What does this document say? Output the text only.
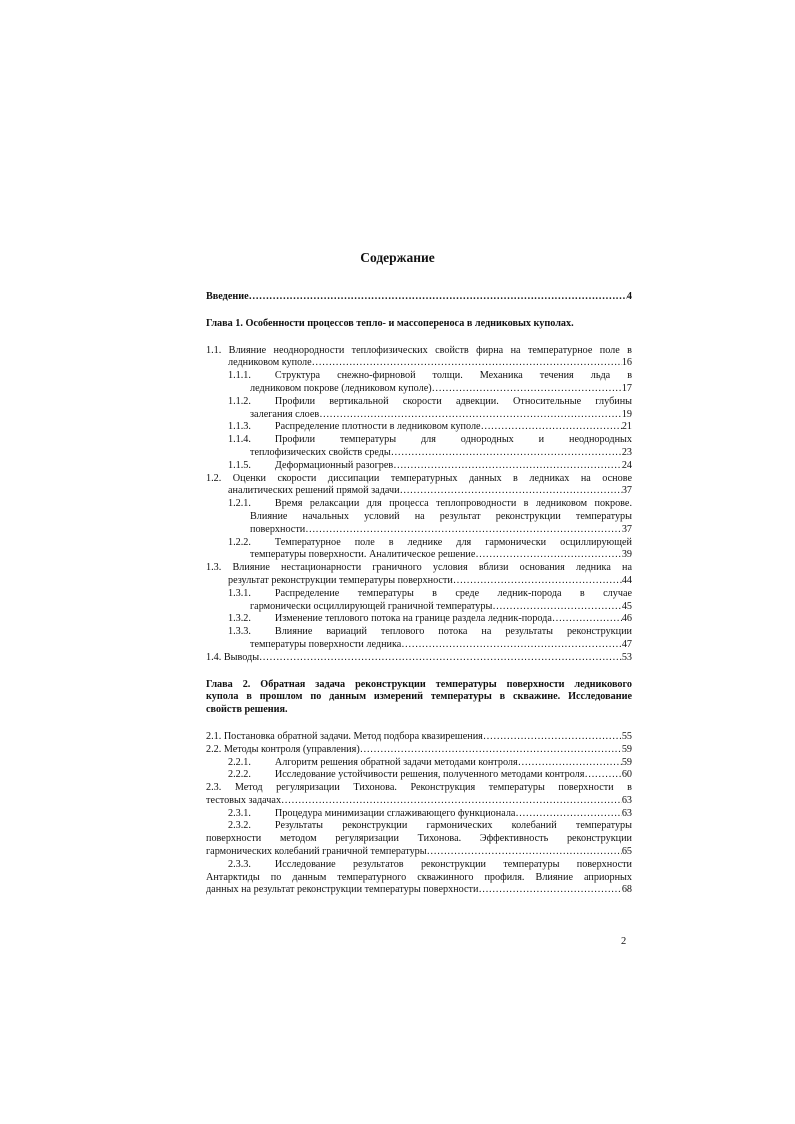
Содержание
Введение ………………………………………………………………………………………………………………………………………………………………………………	4
Глава 1. Особенности процессов тепло- и массопереноса в ледниковых куполах.
1.1. Влияние неоднородности теплофизических свойств фирна на температурное поле в
ледниковом куполе ………………………………………………………………………………………………………………………………………………………………………………	16
1.1.1. Структура снежно-фирновой толщи. Механика течения льда в
ледниковом покрове (ледниковом куполе) ………………………………………………………………………………………………………………………………………………………………………………	17
1.1.2. Профили вертикальной скорости адвекции. Относительные глубины
залегания слоев ………………………………………………………………………………………………………………………………………………………………………………	19
1.1.3. Распределение плотности в ледниковом куполе ………………………………………………………………………………………………………………………………………………………………………………	21
1.1.4. Профили температуры для однородных и неоднородных
теплофизических свойств среды ………………………………………………………………………………………………………………………………………………………………………………	23
1.1.5. Деформационный разогрев ………………………………………………………………………………………………………………………………………………………………………………	24
1.2. Оценки скорости диссипации температурных данных в ледниках на основе
аналитических решений прямой задачи ………………………………………………………………………………………………………………………………………………………………………………	37
1.2.1. Время релаксации для процесса теплопроводности в ледниковом покрове.
Влияние начальных условий на результат реконструкции температуры
поверхности ………………………………………………………………………………………………………………………………………………………………………………	37
1.2.2. Температурное поле в леднике для гармонически осциллирующей
температуры поверхности. Аналитическое решение ………………………………………………………………………………………………………………………………………………………………………………	39
1.3. Влияние нестационарности граничного условия вблизи основания ледника на
результат реконструкции температуры поверхности ………………………………………………………………………………………………………………………………………………………………………………	44
1.3.1. Распределение температуры в среде ледник-порода в случае
гармонически осциллирующей граничной температуры ………………………………………………………………………………………………………………………………………………………………………………	45
1.3.2. Изменение теплового потока на границе раздела ледник-порода ………………………………………………………………………………………………………………………………………………………………………………	46
1.3.3. Влияние вариаций теплового потока на результаты реконструкции
температуры поверхности ледника ………………………………………………………………………………………………………………………………………………………………………………	47
1.4. Выводы ………………………………………………………………………………………………………………………………………………………………………………	53
Глава 2. Обратная задача реконструкции температуры поверхности ледникового
купола в прошлом по данным измерений температуры в скважине. Исследование
свойств решения.
2.1. Постановка обратной задачи. Метод подбора квазирешения ………………………………………………………………………………………………………………………………………………………………………………	55
2.2. Методы контроля (управления) ………………………………………………………………………………………………………………………………………………………………………………	59
2.2.1. Алгоритм решения обратной задачи методами контроля ………………………………………………………………………………………………………………………………………………………………………………	59
2.2.2. Исследование устойчивости решения, полученного методами контроля ………………………………………………………………………………………………………………………………………………………………………………	60
2.3. Метод регуляризации Тихонова. Реконструкция температуры поверхности в
тестовых задачах ………………………………………………………………………………………………………………………………………………………………………………	63
2.3.1. Процедура минимизации сглаживающего функционала ………………………………………………………………………………………………………………………………………………………………………………	63
2.3.2. Результаты реконструкции гармонических колебаний температуры
поверхности методом регуляризации Тихонова. Эффективность реконструкции
гармонических колебаний граничной температуры ………………………………………………………………………………………………………………………………………………………………………………	65
2.3.3. Исследование результатов реконструкции температуры поверхности
Антарктиды по данным температурного скважинного профиля. Влияние априорных
данных на результат реконструкции температуры поверхности ………………………………………………………………………………………………………………………………………………………………………………	68
2
